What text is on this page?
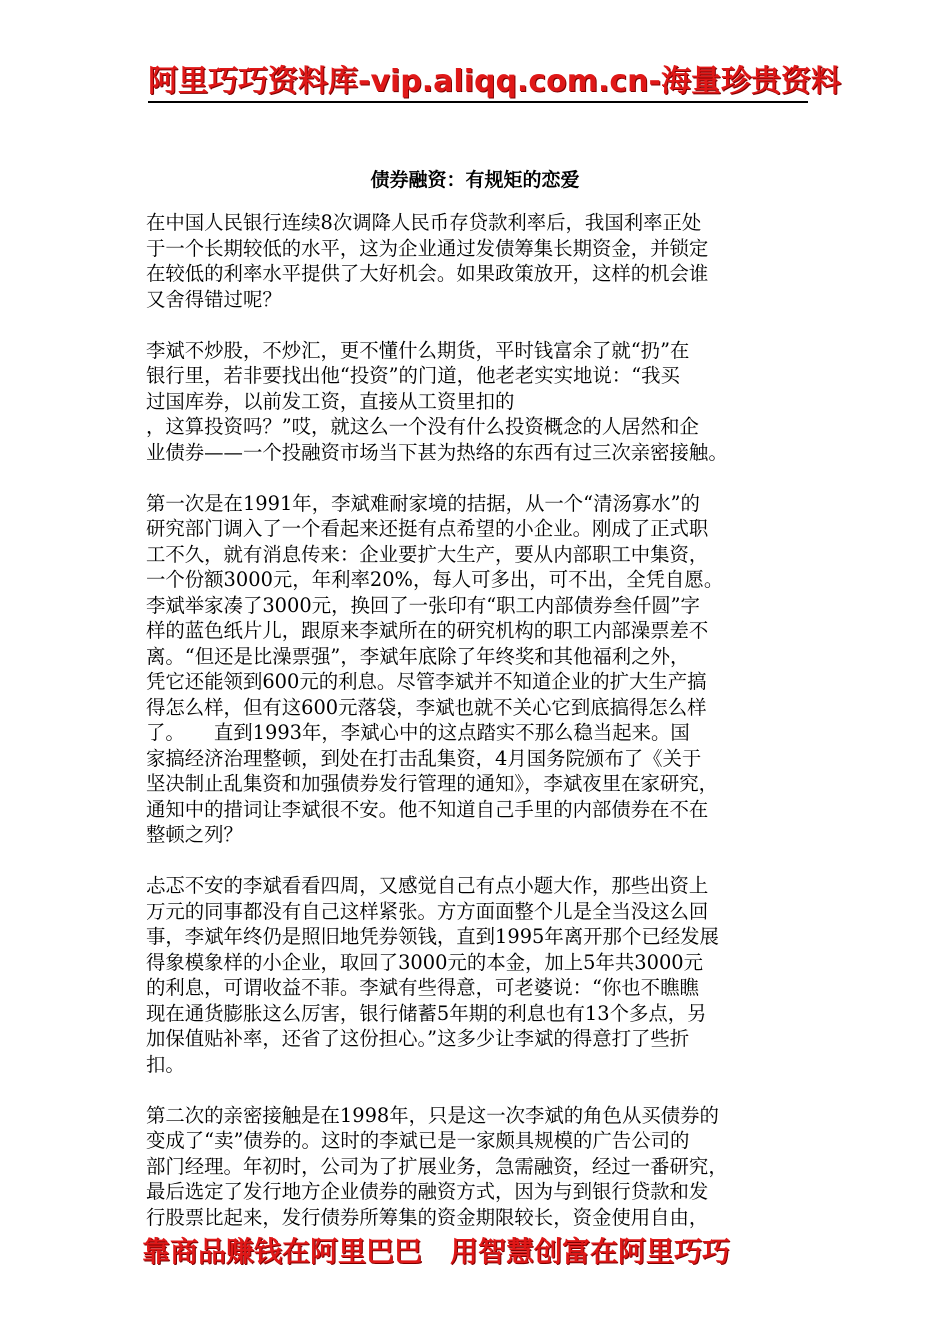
阿里巧巧资料库-vip.aliqq.com.cn-海量珍贵资料
债券融资：有规矩的恋爱
在中国人民银行连续8次调降人民币存贷款利率后，我国利率正处
于一个长期较低的水平，这为企业通过发债筹集长期资金，并锁定
在较低的利率水平提供了大好机会。如果政策放开，这样的机会谁
又舍得错过呢？
李斌不炒股，不炒汇，更不懂什么期货，平时钱富余了就“扔”在
银行里，若非要找出他“投资”的门道，他老老实实地说：“我买
过国库券，以前发工资，直接从工资里扣的
，这算投资吗？”哎，就这么一个没有什么投资概念的人居然和企
业债券——一个投融资市场当下甚为热络的东西有过三次亲密接触。
第一次是在1991年，李斌难耐家境的拮据，从一个“清汤寡水”的
研究部门调入了一个看起来还挺有点希望的小企业。刚成了正式职
工不久，就有消息传来：企业要扩大生产，要从内部职工中集资，
一个份额3000元，年利率20%，每人可多出，可不出，全凭自愿。
李斌举家凑了3000元，换回了一张印有“职工内部债券叁仟圆”字
样的蓝色纸片儿，跟原来李斌所在的研究机构的职工内部澡票差不
离。“但还是比澡票强”，李斌年底除了年终奖和其他福利之外，
凭它还能领到600元的利息。尽管李斌并不知道企业的扩大生产搞
得怎么样，但有这600元落袋，李斌也就不关心它到底搞得怎么样
了。　　直到1993年，李斌心中的这点踏实不那么稳当起来。国
家搞经济治理整顿，到处在打击乱集资，4月国务院颁布了《关于
坚决制止乱集资和加强债券发行管理的通知》，李斌夜里在家研究，
通知中的措词让李斌很不安。他不知道自己手里的内部债券在不在
整顿之列？
忐忑不安的李斌看看四周，又感觉自己有点小题大作，那些出资上
万元的同事都没有自己这样紧张。方方面面整个儿是全当没这么回
事，李斌年终仍是照旧地凭券领钱，直到1995年离开那个已经发展
得象模象样的小企业，取回了3000元的本金，加上5年共3000元
的利息，可谓收益不菲。李斌有些得意，可老婆说：“你也不瞧瞧
现在通货膨胀这么厉害，银行储蓄5年期的利息也有13个多点，另
加保值贴补率，还省了这份担心。”这多少让李斌的得意打了些折
扣。
第二次的亲密接触是在1998年，只是这一次李斌的角色从买债券的
变成了“卖”债券的。这时的李斌已是一家颇具规模的广告公司的
部门经理。年初时，公司为了扩展业务，急需融资，经过一番研究，
最后选定了发行地方企业债券的融资方式，因为与到银行贷款和发
行股票比起来，发行债券所筹集的资金期限较长，资金使用自由，
靠商品赚钱在阿里巴巴　用智慧创富在阿里巧巧
